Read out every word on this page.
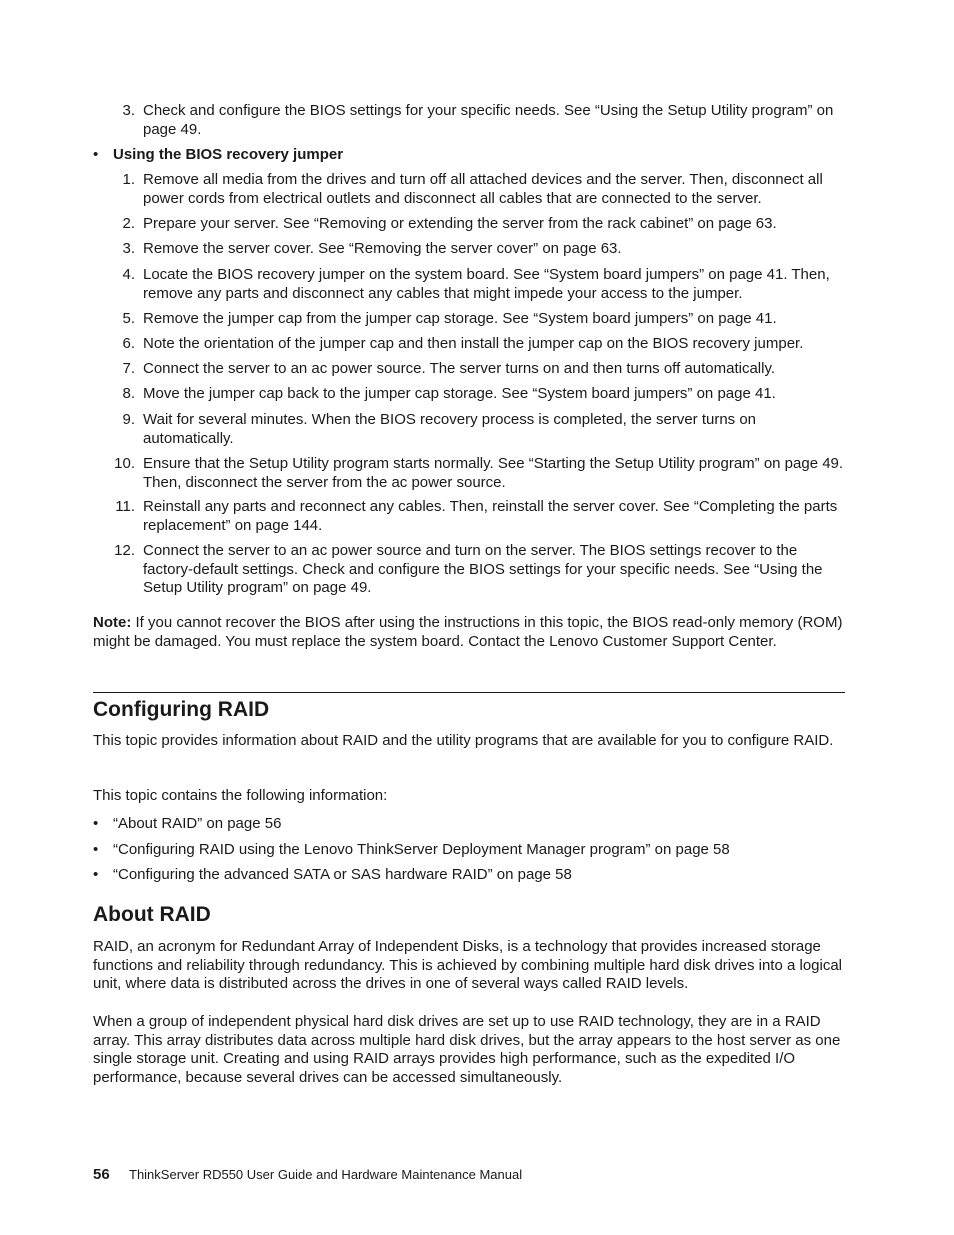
3. Check and configure the BIOS settings for your specific needs. See “Using the Setup Utility program” on page 49.
• Using the BIOS recovery jumper
1. Remove all media from the drives and turn off all attached devices and the server. Then, disconnect all power cords from electrical outlets and disconnect all cables that are connected to the server.
2. Prepare your server. See “Removing or extending the server from the rack cabinet” on page 63.
3. Remove the server cover. See “Removing the server cover” on page 63.
4. Locate the BIOS recovery jumper on the system board. See “System board jumpers” on page 41. Then, remove any parts and disconnect any cables that might impede your access to the jumper.
5. Remove the jumper cap from the jumper cap storage. See “System board jumpers” on page 41.
6. Note the orientation of the jumper cap and then install the jumper cap on the BIOS recovery jumper.
7. Connect the server to an ac power source. The server turns on and then turns off automatically.
8. Move the jumper cap back to the jumper cap storage. See “System board jumpers” on page 41.
9. Wait for several minutes. When the BIOS recovery process is completed, the server turns on automatically.
10. Ensure that the Setup Utility program starts normally. See “Starting the Setup Utility program” on page 49. Then, disconnect the server from the ac power source.
11. Reinstall any parts and reconnect any cables. Then, reinstall the server cover. See “Completing the parts replacement” on page 144.
12. Connect the server to an ac power source and turn on the server. The BIOS settings recover to the factory-default settings. Check and configure the BIOS settings for your specific needs. See “Using the Setup Utility program” on page 49.
Note: If you cannot recover the BIOS after using the instructions in this topic, the BIOS read-only memory (ROM) might be damaged. You must replace the system board. Contact the Lenovo Customer Support Center.
Configuring RAID
This topic provides information about RAID and the utility programs that are available for you to configure RAID.
This topic contains the following information:
• “About RAID” on page 56
• “Configuring RAID using the Lenovo ThinkServer Deployment Manager program” on page 58
• “Configuring the advanced SATA or SAS hardware RAID” on page 58
About RAID
RAID, an acronym for Redundant Array of Independent Disks, is a technology that provides increased storage functions and reliability through redundancy. This is achieved by combining multiple hard disk drives into a logical unit, where data is distributed across the drives in one of several ways called RAID levels.
When a group of independent physical hard disk drives are set up to use RAID technology, they are in a RAID array. This array distributes data across multiple hard disk drives, but the array appears to the host server as one single storage unit. Creating and using RAID arrays provides high performance, such as the expedited I/O performance, because several drives can be accessed simultaneously.
56 ThinkServer RD550 User Guide and Hardware Maintenance Manual
